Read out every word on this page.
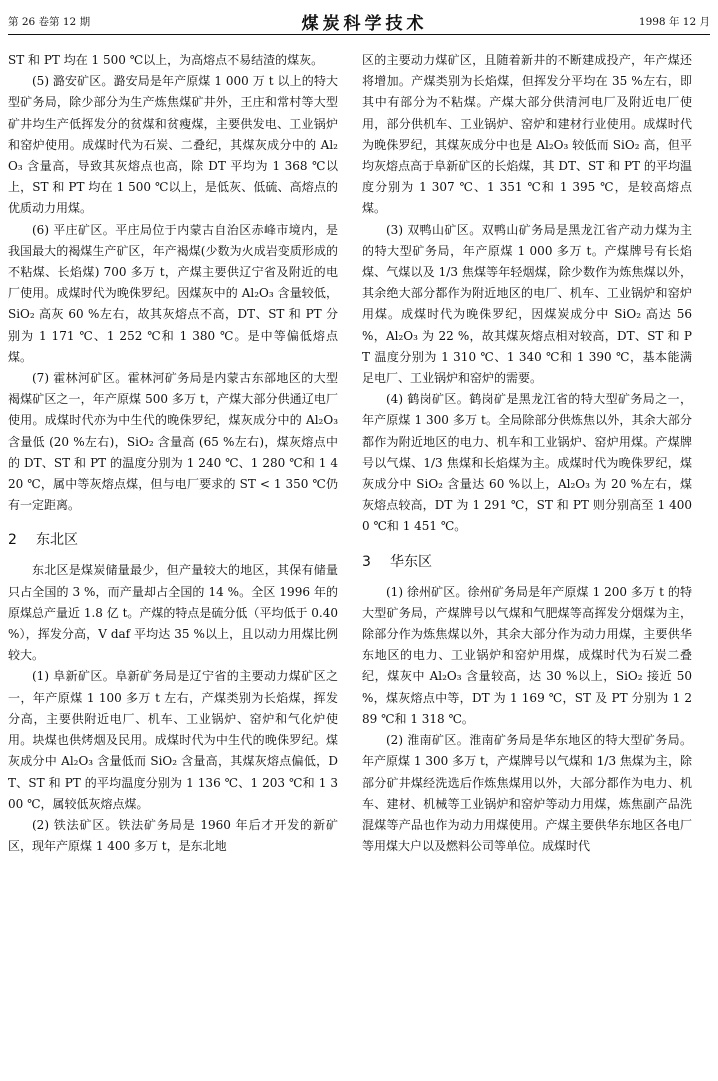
第 26 卷第 12 期	煤炭科学技术	1998 年 12 月

ST 和 PT 均在 1 500 ℃以上，为高熔点不易结渣的煤灰。

(5) 潞安矿区。潞安局是年产原煤 1 000 万 t 以上的特大型矿务局，除少部分为生产炼焦煤矿井外，王庄和常村等大型矿井均生产低挥发分的贫煤和贫瘦煤，主要供发电、工业锅炉和窑炉使用。成煤时代为石炭、二叠纪，其煤灰成分中的 Al₂O₃ 含量高，导致其灰熔点也高，除 DT 平均为 1 368 ℃以上，ST 和 PT 均在 1 500 ℃以上，是低灰、低硫、高熔点的优质动力用煤。

(6) 平庄矿区。平庄局位于内蒙古自治区赤峰市境内，是我国最大的褐煤生产矿区，年产褐煤(少数为火成岩变质形成的不粘煤、长焰煤) 700 多万 t，产煤主要供辽宁省及附近的电厂使用。成煤时代为晚侏罗纪。因煤灰中的 Al₂O₃ 含量较低，SiO₂ 高灰 60 %左右，故其灰熔点不高，DT、ST 和 PT 分别为 1 171 ℃、1 252 ℃和 1 380 ℃。是中等偏低熔点煤。

(7) 霍林河矿区。霍林河矿务局是内蒙古东部地区的大型褐煤矿区之一，年产原煤 500 多万 t，产煤大部分供通辽电厂使用。成煤时代亦为中生代的晚侏罗纪，煤灰成分中的 Al₂O₃ 含量低 (20 %左右)，SiO₂ 含量高 (65 %左右)，煤灰熔点中的 DT、ST 和 PT 的温度分别为 1 240 ℃、1 280 ℃和 1 420 ℃，属中等灰熔点煤，但与电厂要求的 ST < 1 350 ℃仍有一定距离。

2 东北区

东北区是煤炭储量最少，但产量较大的地区，其保有储量只占全国的 3 %，而产量却占全国的 14 %。全区 1996 年的原煤总产量近 1.8 亿 t。产煤的特点是硫分低（平均低于 0.40 %），挥发分高，V daf 平均达 35 %以上，且以动力用煤比例较大。

(1) 阜新矿区。阜新矿务局是辽宁省的主要动力煤矿区之一，年产原煤 1 100 多万 t 左右，产煤类别为长焰煤，挥发分高，主要供附近电厂、机车、工业锅炉、窑炉和气化炉使用。块煤也供烤烟及民用。成煤时代为中生代的晚侏罗纪。煤灰成分中 Al₂O₃ 含量低而 SiO₂ 含量高，其煤灰熔点偏低，DT、ST 和 PT 的平均温度分别为 1 136 ℃、1 203 ℃和 1 300 ℃，属较低灰熔点煤。

(2) 铁法矿区。铁法矿务局是 1960 年后才开发的新矿区，现年产原煤 1 400 多万 t，是东北地

区的主要动力煤矿区，且随着新井的不断建成投产，年产煤还将增加。产煤类别为长焰煤，但挥发分平均在 35 %左右，即其中有部分为不粘煤。产煤大部分供清河电厂及附近电厂使用，部分供机车、工业锅炉、窑炉和建材行业使用。成煤时代为晚侏罗纪，其煤灰成分中也是 Al₂O₃ 较低而 SiO₂ 高，但平均灰熔点高于阜新矿区的长焰煤，其 DT、ST 和 PT 的平均温度分别为 1 307 ℃、1 351 ℃和 1 395 ℃，是较高熔点煤。

(3) 双鸭山矿区。双鸭山矿务局是黑龙江省产动力煤为主的特大型矿务局，年产原煤 1 000 多万 t。产煤牌号有长焰煤、气煤以及 1/3 焦煤等年轻烟煤，除少数作为炼焦煤以外，其余绝大部分都作为附近地区的电厂、机车、工业锅炉和窑炉用煤。成煤时代为晚侏罗纪，因煤炭成分中 SiO₂ 高达 56 %，Al₂O₃ 为 22 %，故其煤灰熔点相对较高，DT、ST 和 PT 温度分别为 1 310 ℃、1 340 ℃和 1 390 ℃，基本能满足电厂、工业锅炉和窑炉的需要。

(4) 鹤岗矿区。鹤岗矿是黑龙江省的特大型矿务局之一，年产原煤 1 300 多万 t。全局除部分供炼焦以外，其余大部分都作为附近地区的电力、机车和工业锅炉、窑炉用煤。产煤牌号以气煤、1/3 焦煤和长焰煤为主。成煤时代为晚侏罗纪，煤灰成分中 SiO₂ 含量达 60 %以上，Al₂O₃ 为 20 %左右，煤灰熔点较高，DT 为 1 291 ℃，ST 和 PT 则分别高至 1 4000 ℃和 1 451 ℃。

3 华东区

(1) 徐州矿区。徐州矿务局是年产原煤 1 200 多万 t 的特大型矿务局，产煤牌号以气煤和气肥煤等高挥发分烟煤为主，除部分作为炼焦煤以外，其余大部分作为动力用煤，主要供华东地区的电力、工业锅炉和窑炉用煤，成煤时代为石炭二叠纪，煤灰中 Al₂O₃ 含量较高，达 30 %以上，SiO₂ 接近 50 %，煤灰熔点中等，DT 为 1 169 ℃，ST 及 PT 分别为 1 289 ℃和 1 318 ℃。

(2) 淮南矿区。淮南矿务局是华东地区的特大型矿务局。年产原煤 1 300 多万 t，产煤牌号以气煤和 1/3 焦煤为主，除部分矿井煤经洗选后作炼焦煤用以外，大部分都作为电力、机车、建材、机械等工业锅炉和窑炉等动力用煤，炼焦副产品洗混煤等产品也作为动力用煤使用。产煤主要供华东地区各电厂等用煤大户以及燃料公司等单位。成煤时代
